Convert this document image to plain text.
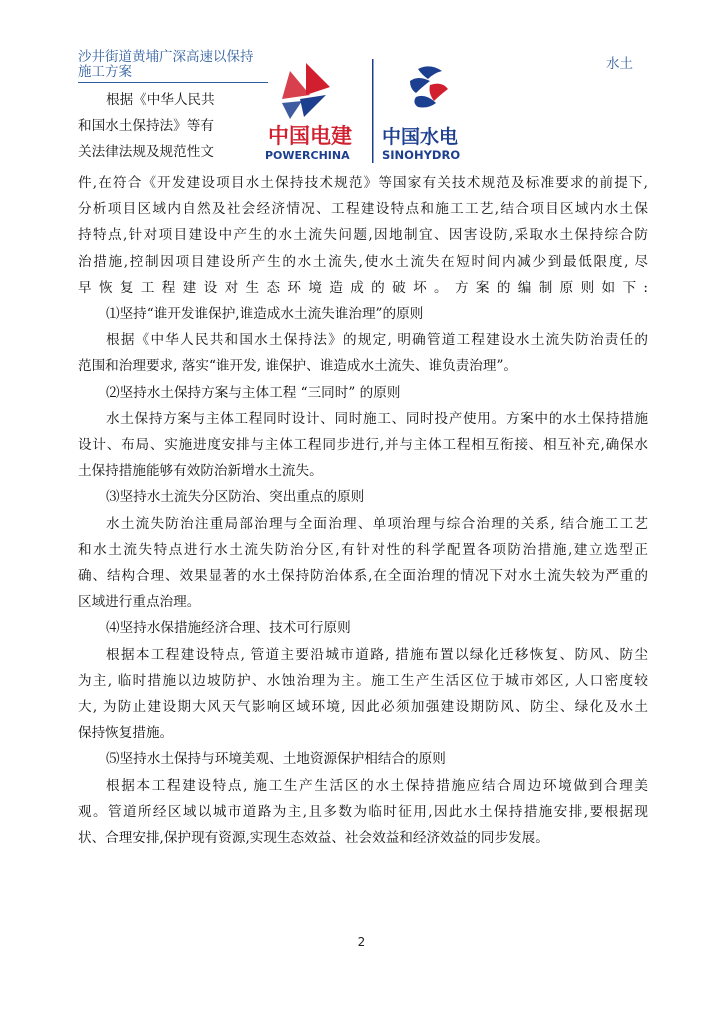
沙井街道黄埔广深高速以保持施工方案	水土
中国电建
POWERCHINA
中国水电
SINOHYDRO
根据《中华人民共
和国水土保持法》等有
关法律法规及规范性文
件,在符合《开发建设项目水土保持技术规范》等国家有关技术规范及标准要求的前提下,
分析项目区域内自然及社会经济情况、工程建设特点和施工工艺,结合项目区域内水土保
持特点,针对项目建设中产生的水土流失问题,因地制宜、因害设防,采取水土保持综合防
治措施,控制因项目建设所产生的水土流失,使水土流失在短时间内减少到最低限度, 尽
早恢复工程建设对生态环境造成的破坏。方案的编制原则如下:
⑴坚持“谁开发谁保护,谁造成水土流失谁治理”的原则
根据《中华人民共和国水土保持法》的规定, 明确管道工程建设水土流失防治责任的
范围和治理要求, 落实“谁开发, 谁保护、谁造成水土流失、谁负责治理”。
⑵坚持水土保持方案与主体工程 “三同时” 的原则
水土保持方案与主体工程同时设计、同时施工、同时投产使用。方案中的水土保持措施
设计、布局、实施进度安排与主体工程同步进行,并与主体工程相互衔接、相互补充,确保水
土保持措施能够有效防治新增水土流失。
⑶坚持水土流失分区防治、突出重点的原则
水土流失防治注重局部治理与全面治理、单项治理与综合治理的关系, 结合施工工艺
和水土流失特点进行水土流失防治分区,有针对性的科学配置各项防治措施,建立选型正
确、结构合理、效果显著的水土保持防治体系,在全面治理的情况下对水土流失较为严重的
区域进行重点治理。
⑷坚持水保措施经济合理、技术可行原则
根据本工程建设特点, 管道主要沿城市道路, 措施布置以绿化迁移恢复、防风、防尘
为主, 临时措施以边坡防护、水蚀治理为主。施工生产生活区位于城市郊区, 人口密度较
大, 为防止建设期大风天气影响区域环境, 因此必须加强建设期防风、防尘、绿化及水土
保持恢复措施。
⑸坚持水土保持与环境美观、土地资源保护相结合的原则
根据本工程建设特点, 施工生产生活区的水土保持措施应结合周边环境做到合理美
观。管道所经区域以城市道路为主,且多数为临时征用,因此水土保持措施安排,要根据现
状、合理安排,保护现有资源,实现生态效益、社会效益和经济效益的同步发展。
2
